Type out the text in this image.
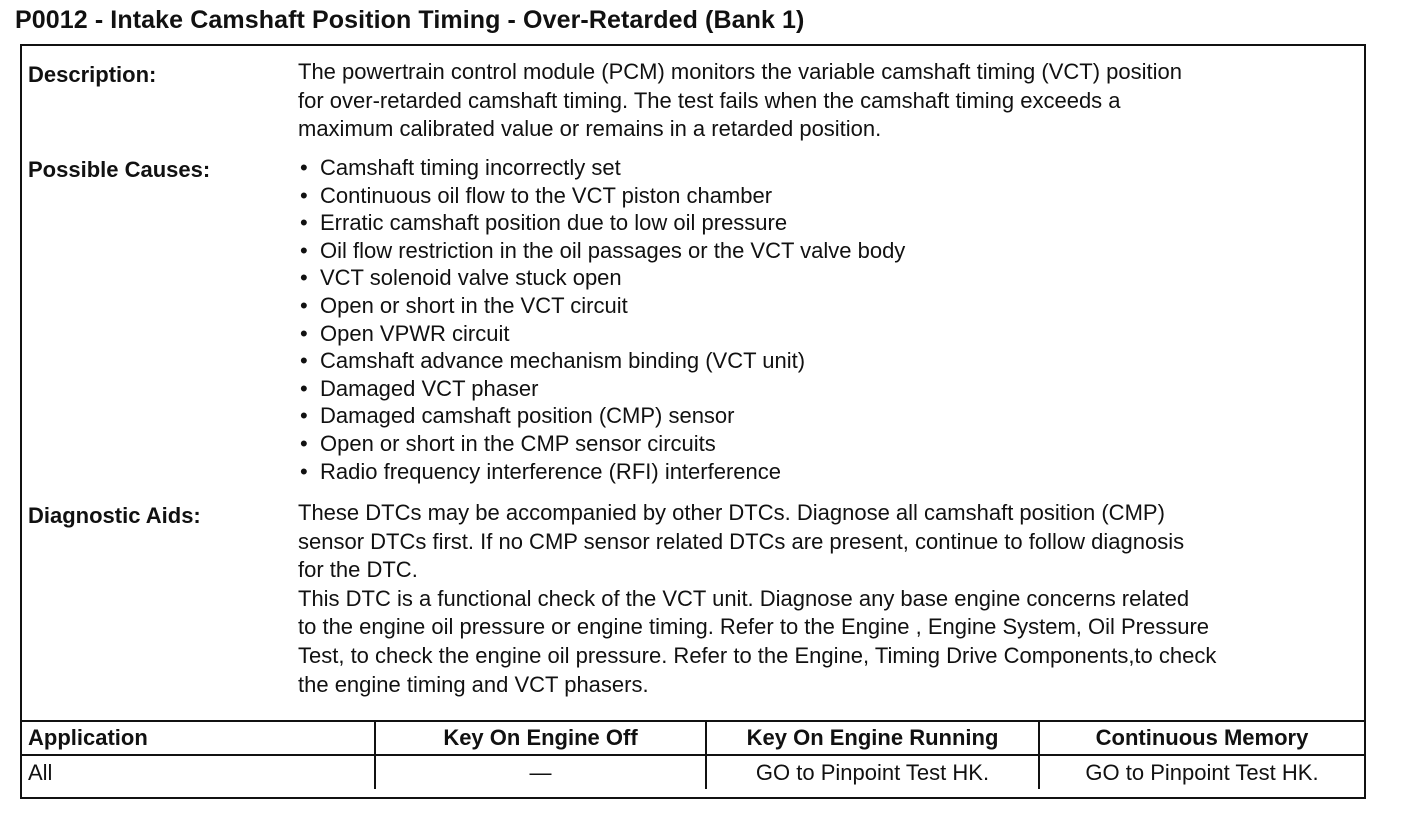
P0012 - Intake Camshaft Position Timing - Over-Retarded (Bank 1)
Description:	The powertrain control module (PCM) monitors the variable camshaft timing (VCT) position
for over-retarded camshaft timing. The test fails when the camshaft timing exceeds a
maximum calibrated value or remains in a retarded position.
Possible Causes:	• Camshaft timing incorrectly set
• Continuous oil flow to the VCT piston chamber
• Erratic camshaft position due to low oil pressure
• Oil flow restriction in the oil passages or the VCT valve body
• VCT solenoid valve stuck open
• Open or short in the VCT circuit
• Open VPWR circuit
• Camshaft advance mechanism binding (VCT unit)
• Damaged VCT phaser
• Damaged camshaft position (CMP) sensor
• Open or short in the CMP sensor circuits
• Radio frequency interference (RFI) interference
Diagnostic Aids:	These DTCs may be accompanied by other DTCs. Diagnose all camshaft position (CMP)

sensor DTCs first. If no CMP sensor related DTCs are present, continue to follow diagnosis

for the DTC.

This DTC is a functional check of the VCT unit. Diagnose any base engine concerns related

to the engine oil pressure or engine timing. Refer to the Engine , Engine System, Oil Pressure

Test, to check the engine oil pressure. Refer to the Engine, Timing Drive Components,to check

the engine timing and VCT phasers.

Application	Key On Engine Off	Key On Engine Running	Continuous Memory
All	—	GO to Pinpoint Test HK.	GO to Pinpoint Test HK.
